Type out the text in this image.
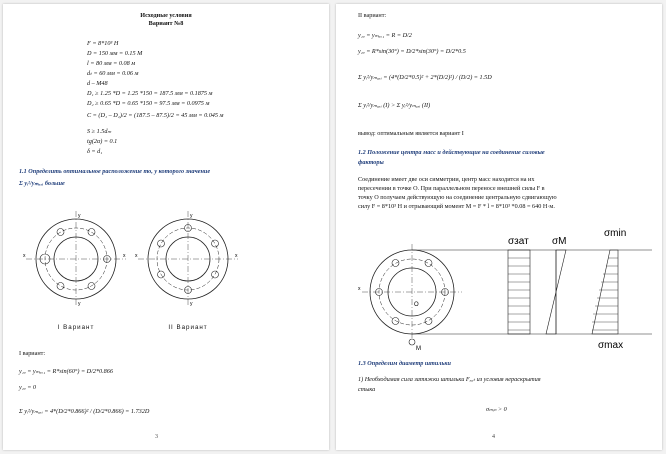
Исходные условия
Вариант №8
F = 8*10³ H
D = 150 мм = 0.15 M
l = 80 мм = 0.08 м
dₜ = 60 мм = 0.06 м
d – M48
D₁ ≥ 1.25 *D = 1.25 *150 = 187.5 мм = 0.1875 м
D₂ ≥ 0.65 *D = 0.65 *150 = 97.5 мм = 0.0975 м
C = (D₁ – D₂)/2 = (187.5 – 87.5)/2 = 45 мм = 0.045 м
S ≥ 1.5dₘ
tg(2α) = 0.1
δ = d₁
1.1 Определить оптимальное расположение то, у которого значение
Σ yᵢ²/yₘₐₓᵢ больше
x	x
y
y
I Вариант
x	x
y
y
II Вариант
I вариант:
y₁ₒ = yₘₐₓ₁ = R*sin(60°) = D/2*0.866
y₂ₒ = 0
Σ yᵢ²/yₘₐₓᵢ = 4*(D/2*0.866)² / (D/2*0.866) = 1.732D
3
II вариант:
y₁ₒ = yₘₐₓ₁ = R = D/2
y₂ₒ = R*sin(30°) = D/2*sin(30°) = D/2*0.5
Σ yᵢ²/yₘₐₓᵢ = (4*(D/2*0.5)² + 2*(D/2)²) / (D/2) = 1.5D
Σ yᵢ²/yₘₐₓᵢ (I) > Σ yᵢ²/yₘₐₓᵢ (II)
вывод: оптимальным является вариант I
1.2 Положение центра масс и действующие на соединение силовые
факторы
Соединение имеет две оси симметрии, центр масс находится на их
пересечении в точке О. При параллельном переносе внешней силы F в
точку О получаем действующую на соединение центральную сдвигающую
силу F = 8*10³ H и отрывающий момент M = F * l = 8*10³ *0.08 = 640 H·м.
x
O
M
σзат σM
σmin
σmax
1.3 Определим диаметр штильки
1) Необходимая сила затяжки штильки Fₓₐₜ из условия нераскрытия
стыка
σₘᵢₙ > 0
4
